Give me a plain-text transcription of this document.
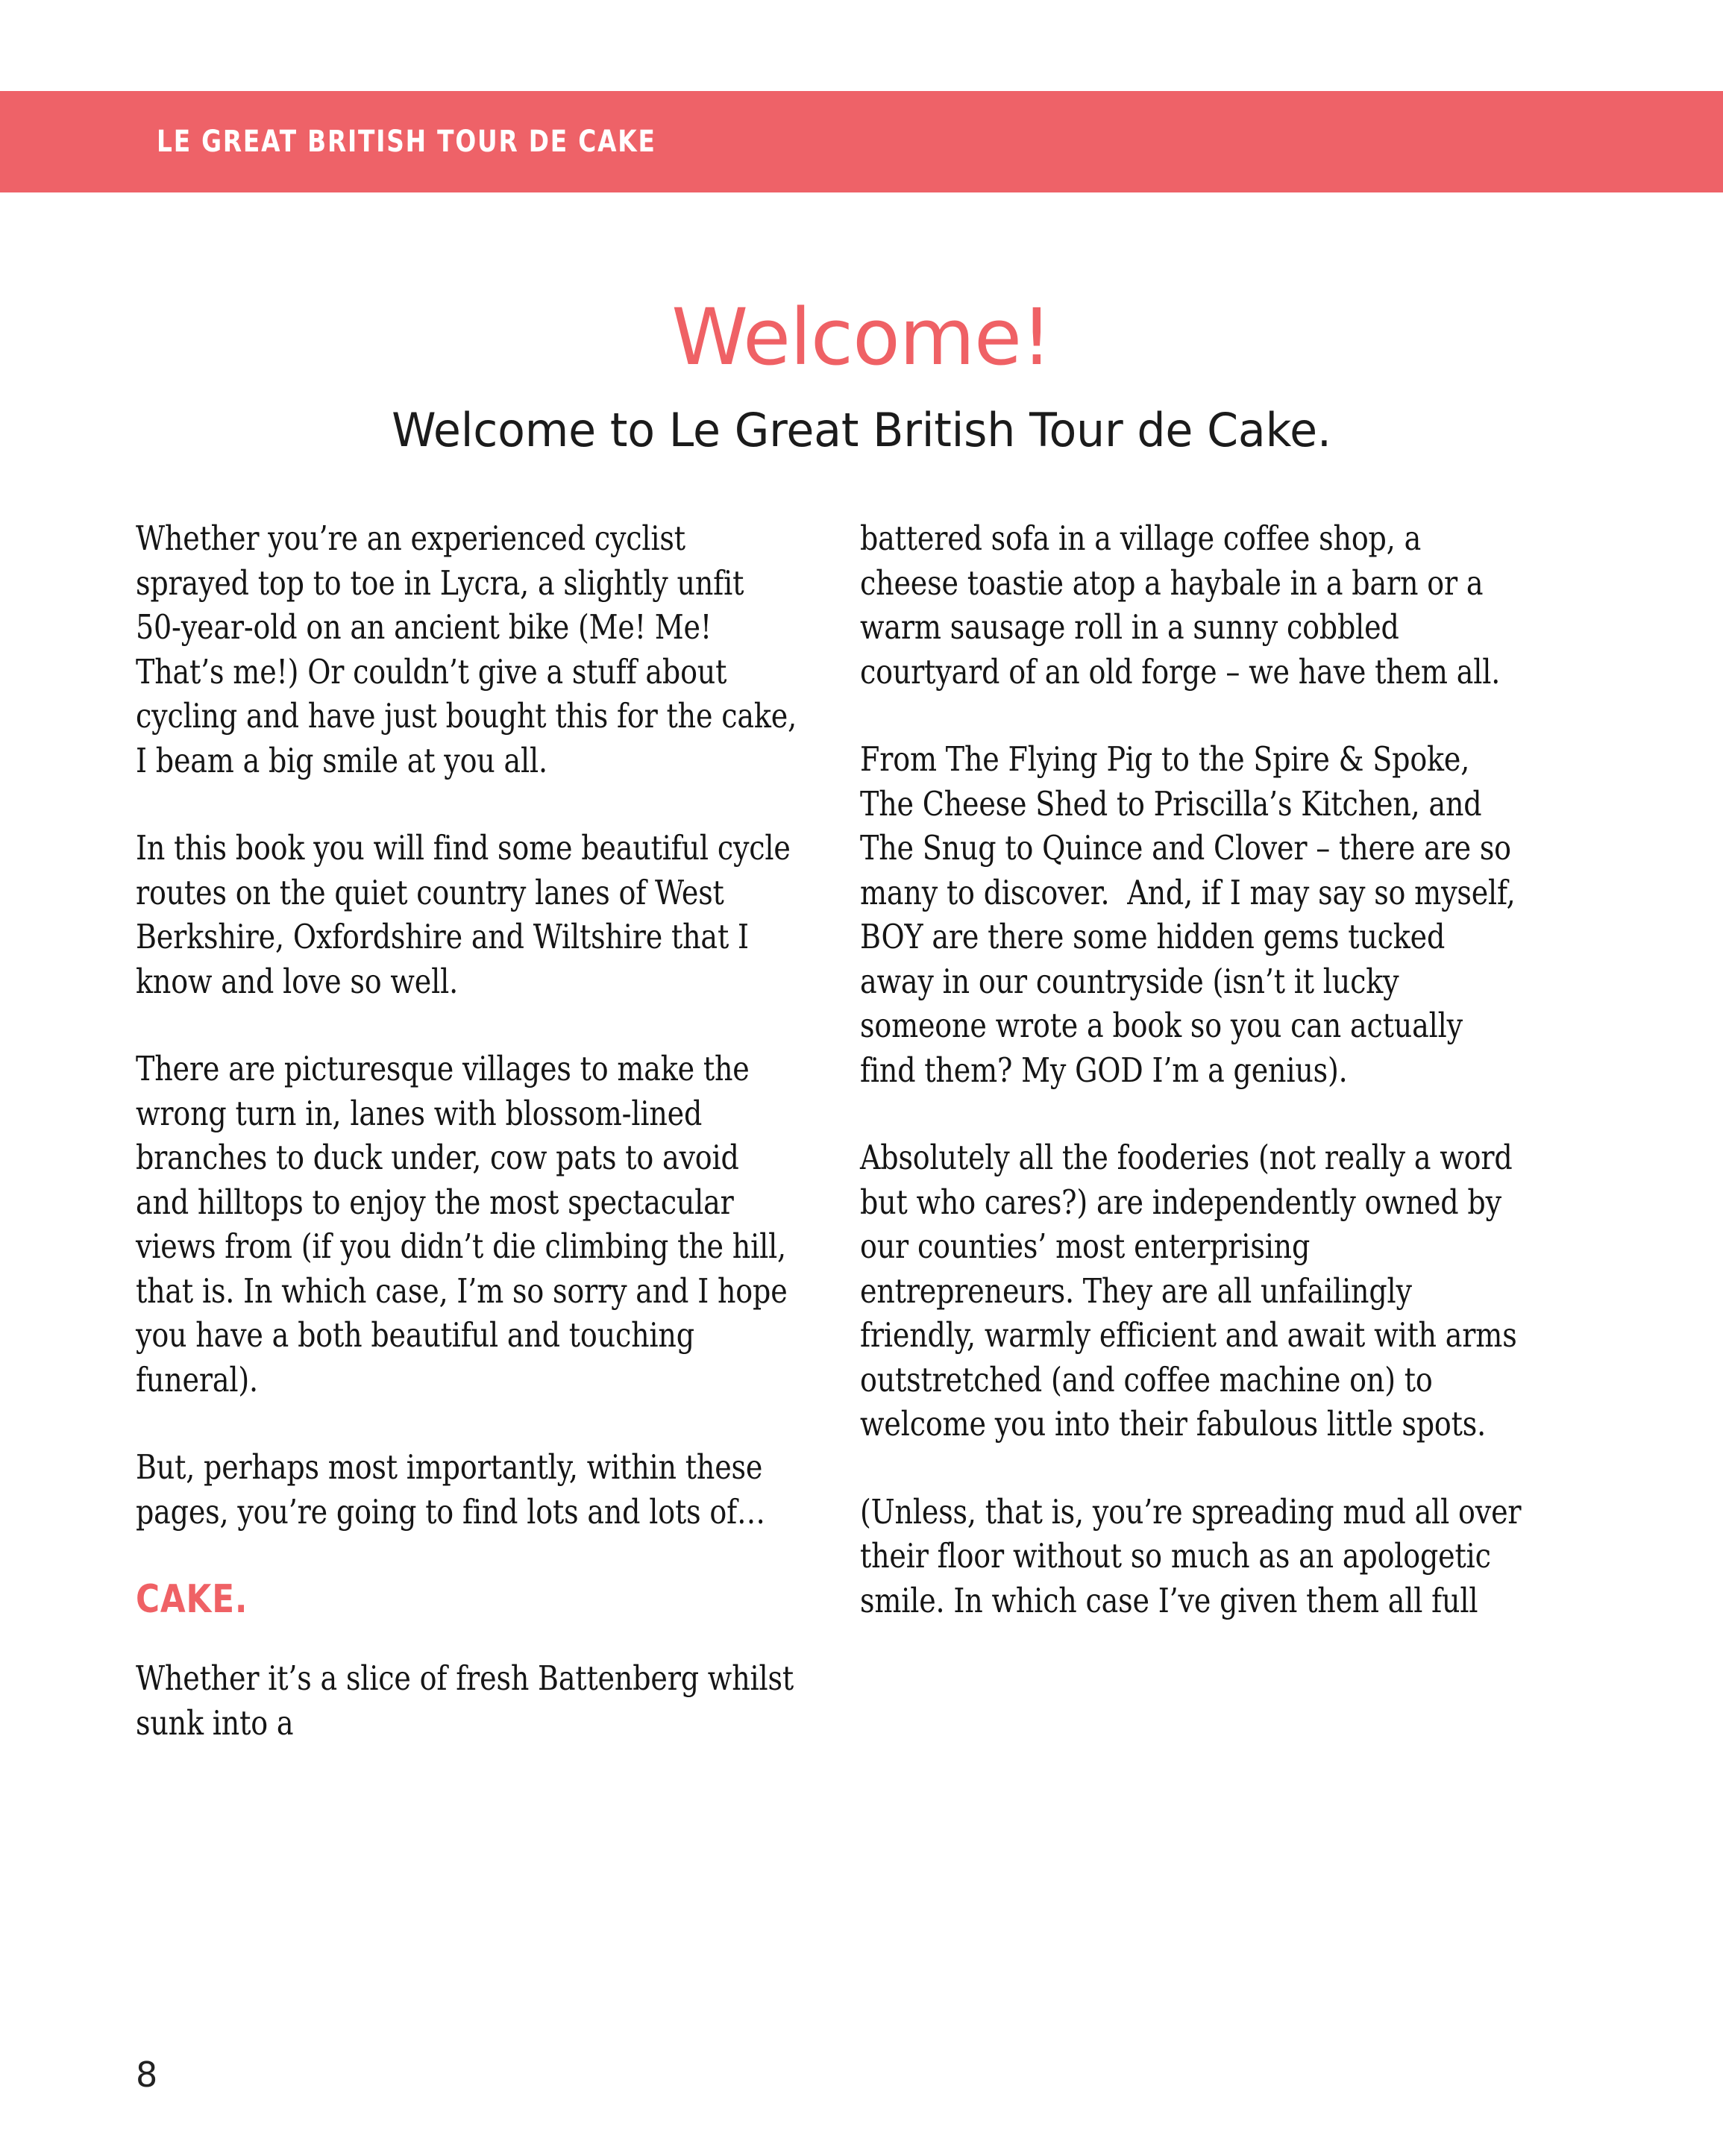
LE GREAT BRITISH TOUR DE CAKE
Welcome!
Welcome to Le Great British Tour de Cake.

Whether you’re an experienced cyclist sprayed top to toe in Lycra, a slightly unfit 50-year-old on an ancient bike (Me! Me! That’s me!) Or couldn’t give a stuff about cycling and have just bought this for the cake, I beam a big smile at you all.

In this book you will find some beautiful cycle routes on the quiet country lanes of West Berkshire, Oxfordshire and Wiltshire that I know and love so well.

There are picturesque villages to make the wrong turn in, lanes with blossom-lined branches to duck under, cow pats to avoid and hilltops to enjoy the most spectacular views from (if you didn’t die climbing the hill, that is. In which case, I’m so sorry and I hope you have a both beautiful and touching funeral).

But, perhaps most importantly, within these pages, you’re going to find lots and lots of…

CAKE.

Whether it’s a slice of fresh Battenberg whilst sunk into a

battered sofa in a village coffee shop, a cheese toastie atop a haybale in a barn or a warm sausage roll in a sunny cobbled courtyard of an old forge – we have them all.

From The Flying Pig to the Spire & Spoke, The Cheese Shed to Priscilla’s Kitchen, and The Snug to Quince and Clover – there are so many to discover.  And, if I may say so myself, BOY are there some hidden gems tucked away in our countryside (isn’t it lucky someone wrote a book so you can actually find them? My GOD I’m a genius).

Absolutely all the fooderies (not really a word but who cares?) are independently owned by our counties’ most enterprising entrepreneurs. They are all unfailingly friendly, warmly efficient and await with arms outstretched (and coffee machine on) to welcome you into their fabulous little spots.

(Unless, that is, you’re spreading mud all over their floor without so much as an apologetic smile. In which case I’ve given them all full

8
